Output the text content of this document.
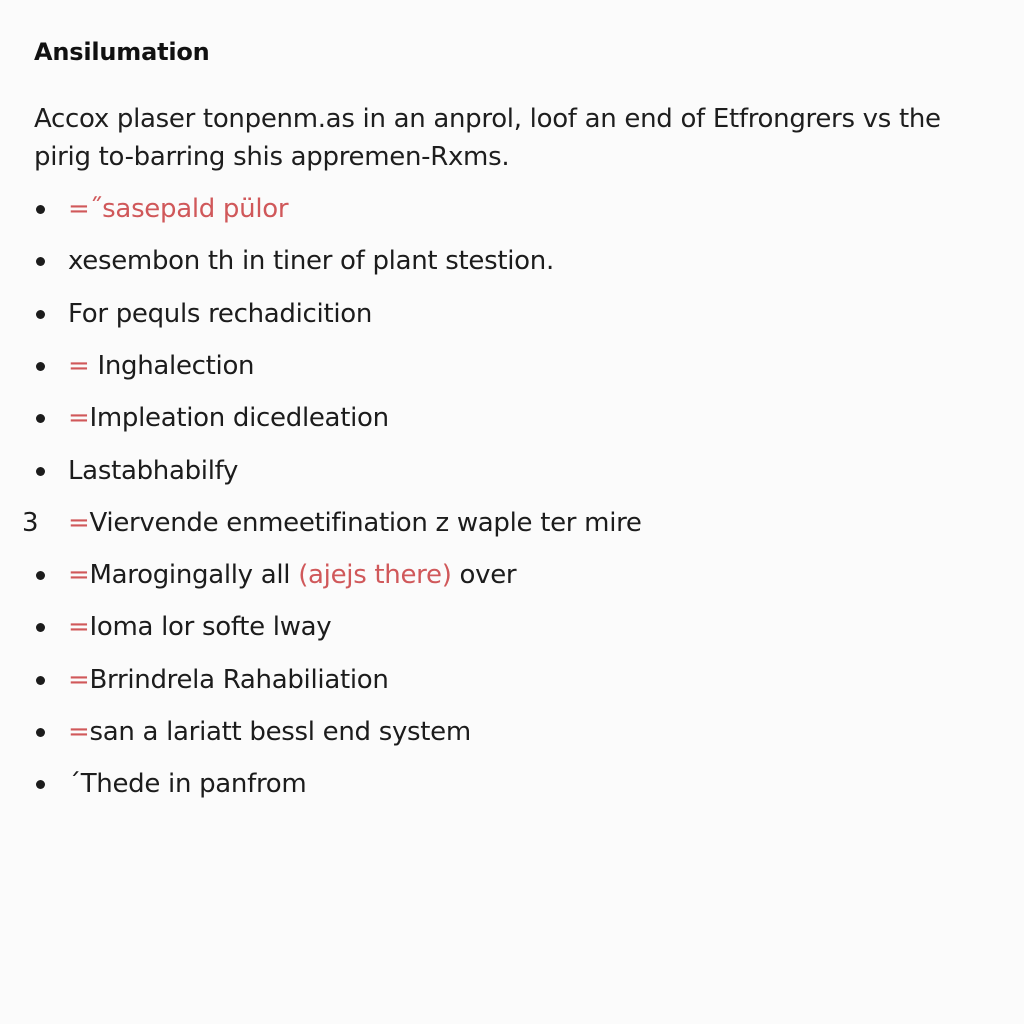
Ansilumation

Accox plaser tonpenm.as in an anprol, loof an end of Etfrongrers vs the
pirig to-barring shis appremen-Rxms.

=˝sasepald pülor
xesembon th in tiner of plant stestion.
For pequls rechadicition
= Inghalection
=Impleation dicedleation
Lastabhabilfy
3 =Viervende enmeetifination z waple ter mire
=Marogingally all (ajejs there) over
=Ioma lor softe lway
=Brrindrela Rahabiliation
=san a lariatt bessl end system
´Thede in panfrom
